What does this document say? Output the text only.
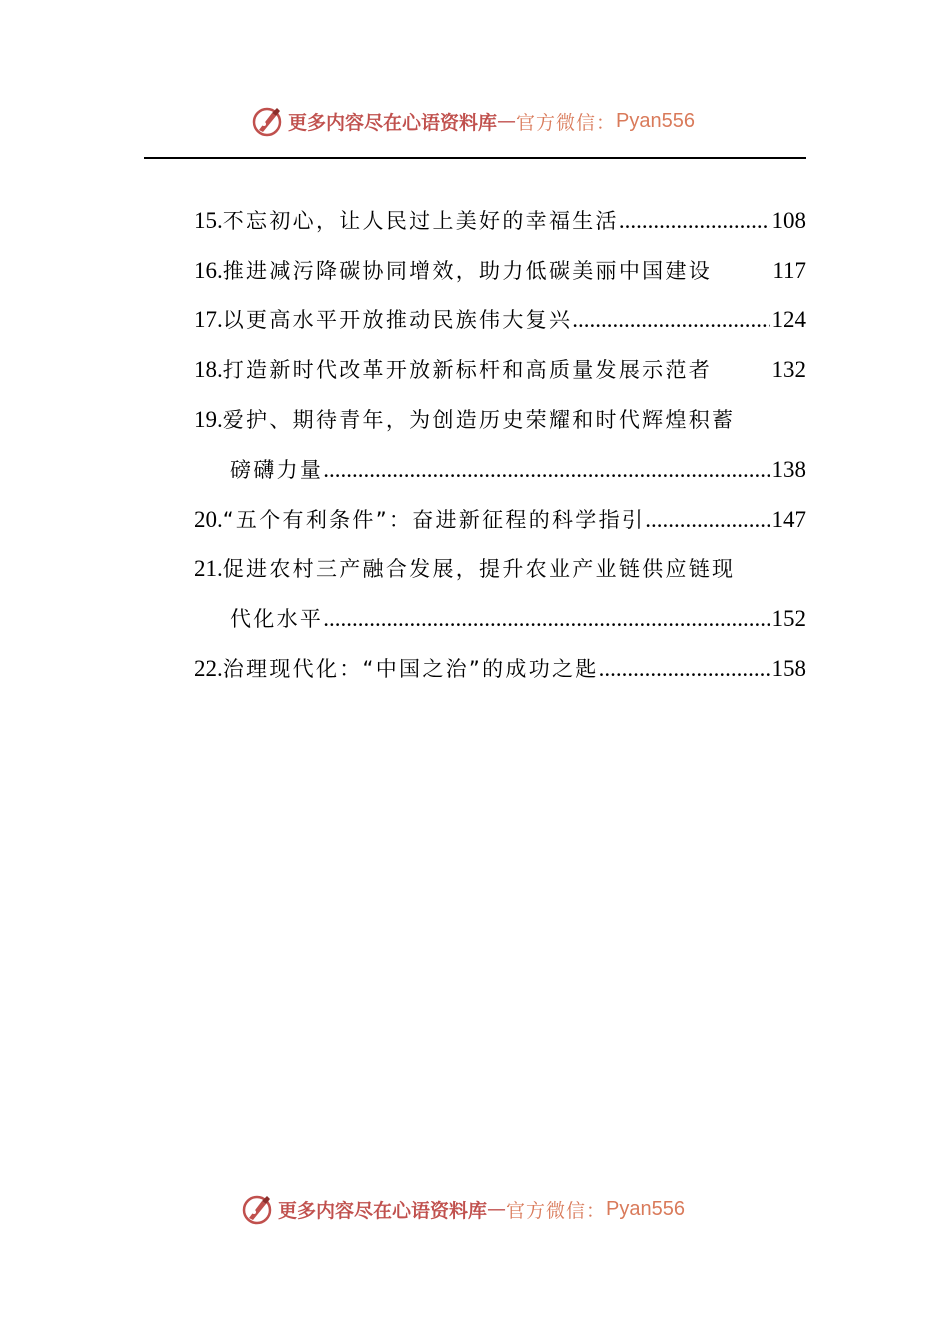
更多内容尽在心语资料库 — 官方微信： Pyan556
15. 不忘初心，让人民过上美好的幸福生活 .....	108
16. 推进减污降碳协同增效，助力低碳美丽中国建设	117
17. 以更高水平开放推动民族伟大复兴 .....	124
18. 打造新时代改革开放新标杆和高质量发展示范者	132
19. 爱护、期待青年，为创造历史荣耀和时代辉煌积蓄
磅礴力量 .....	138
20. “五个有利条件”：奋进新征程的科学指引 .....	147
21. 促进农村三产融合发展，提升农业产业链供应链现
代化水平 .....	152
22. 治理现代化：“中国之治”的成功之匙 .....	158
更多内容尽在心语资料库 — 官方微信： Pyan556
